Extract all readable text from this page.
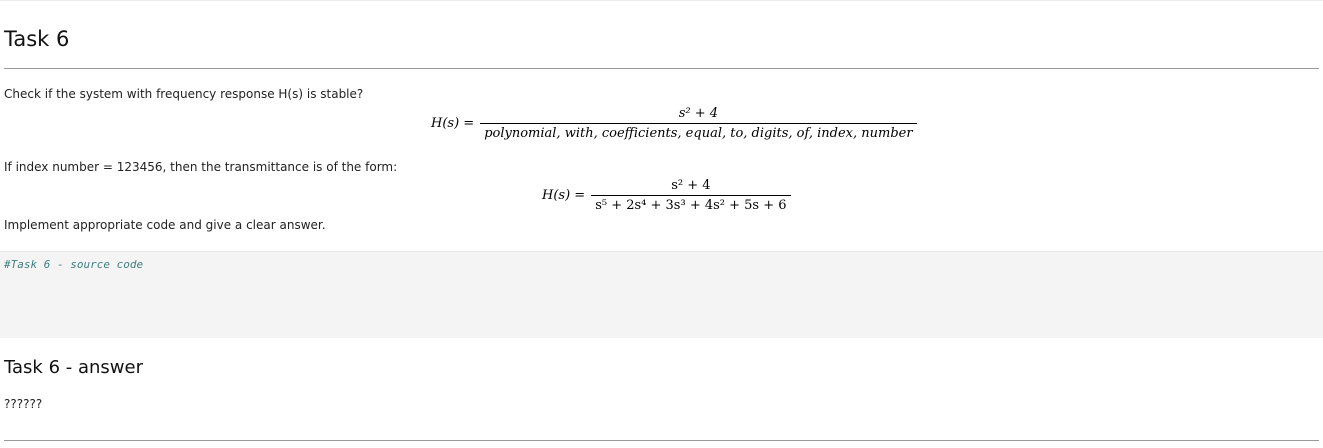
Task 6
Check if the system with frequency response H(s) is stable?
H(s) =
s² + 4
polynomial, with, coefficients, equal, to, digits, of, index, number
If index number = 123456, then the transmittance is of the form:
$H(s) = \frac{\text{s² + 4}}{\text{s⁵ + 2s⁴ + 3s³ + 4s² + 5s + 6}}$
Implement appropriate code and give a clear answer.
#Task 6 - source code
Task 6 - answer
??????
